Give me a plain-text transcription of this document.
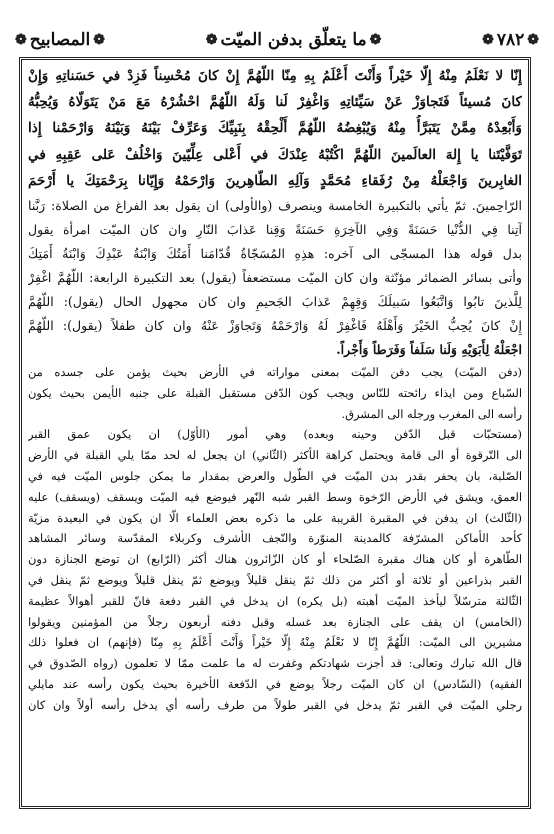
❁
٧٨٢
❁
❁
ما يتعلّق بدفن الميّت
❁
❁
المصابيح
❁

إِنّا لا نَعْلَمُ مِنْهُ إِلّا خَيْراً وَأَنْتَ أَعْلَمُ بِهِ مِنّا اللّهُمَّ إِنْ كانَ مُحْسِناً فَزِدْ في حَسَناتِهِ وَإِنْ

كانَ مُسيئاً فَتَجاوَزْ عَنْ سَيِّئاتِهِ وَاغْفِرْ لَنا وَلَهُ اللّهُمَّ احْشُرْهُ مَعَ مَنْ يَتَوَلّاهُ وَيُحِبُّهُ

وَأَبْعِدْهُ مِمَّنْ يَتَبَرَّأُ مِنْهُ وَيُبْغِضُهُ اللّهُمَّ أَلْحِقْهُ بِنَبِيِّكَ وَعَرِّفْ بَيْنَهُ وَبَيْنَهُ وَارْحَمْنا إِذا

تَوَفَّيْتَنا يا إِلهَ العالَمينَ اللّهُمَّ اكْتُبْهُ عِنْدَكَ في أَعْلى عِلِّيّينَ وَاخْلُفْ عَلى عَقِبِهِ في

الغابِرينَ وَاجْعَلْهُ مِنْ رُفَقاءِ مُحَمَّدٍ وَآلِهِ الطّاهِرينَ وَارْحَمْهُ وَإِيّانا بِرَحْمَتِكَ يا أَرْحَمَ

الرّاحِمينَ. ثمّ يأتي بالتكبيرة الخامسة وينصرف (والأولى) ان يقول بعد الفراغ من الصلاة: رَبَّنا

آتِنا فِي الدُّنْيا حَسَنَةً وَفِي الآخِرَةِ حَسَنَةً وَقِنا عَذابَ النّارِ وان كان الميّت امرأة يقول

بدل قوله هذا المسجّى الى آخره: هذِهِ المُسَجّاةُ قُدّامَنا أَمَتُكَ وَابْنَةُ عَبْدِكَ وَابْنَةُ أَمَتِكَ

وأتى بسائر الضمائر مؤنّثة وان كان الميّت مستضعفاً (يقول) بعد التكبيرة الرابعة: اللّهُمَّ اغْفِرْ

لِلَّذينَ تابُوا وَاتَّبَعُوا سَبيلَكَ وَقِهِمْ عَذابَ الجَحيمِ وان كان مجهول الحال (يقول): اللّهُمَّ

إِنْ كانَ يُحِبُّ الخَيْرَ وَأَهْلَهُ فَاغْفِرْ لَهُ وَارْحَمْهُ وَتَجاوَزْ عَنْهُ وان كان طفلاً (يقول): اللّهُمَّ

اجْعَلْهُ لِأَبَوَيْهِ وَلَنا سَلَفاً وَفَرَطاً وَأَجْراً.

(دفن الميّت) يجب دفن الميّت بمعنى مواراته في الأرض بحيث يؤمن على جسده من

السّباع ومن ايذاء رائحته للنّاس ويجب كون الدّفن مستقبل القبلة على جنبه الأيمن بحيث يكون

رأسه الى المغرب ورجله الى المشرق.

(مستحبّات قبل الدّفن وحينه وبعده) وهي أمور (الأوّل) ان يكون عمق القبر

الى التّرقوة أو الى قامة ويحتمل كراهة الأكثر (الثّاني) ان يجعل له لحد ممّا يلي القبلة في الأرض

الصّلبة، بان يحفر بقدر بدن الميّت في الطّول والعرض بمقدار ما يمكن جلوس الميّت فيه في

العمق، ويشق في الأرض الرّخوة وسط القبر شبه النّهر فيوضع فيه الميّت ويسقف (ويسقف) عليه

(الثّالث) ان يدفن في المقبرة القريبة على ما ذكره بعض العلماء الّا ان يكون في البعيدة مزيّة

كأحد الأماكن المشرّفة كالمدينة المنوّرة والنّجف الأشرف وكربلاء المقدّسة وسائر المشاهد

الطّاهرة أو كان هناك مقبرة الصّلحاء أو كان الزّائرون هناك أكثر (الرّابع) ان توضع الجنازة دون

القبر بذراعين أو ثلاثة أو أكثر من ذلك ثمّ ينقل قليلاً ويوضع ثمّ ينقل قليلاً ويوضع ثمّ ينقل في

الثّالثة مترسّلاً ليأخذ الميّت أهبته (بل يكره) ان يدخل في القبر دفعة فانّ للقبر أهوالاً عظيمة

(الخامس) ان يقف على الجنازة بعد غسله وقبل دفنه أربعون رجلاً من المؤمنين ويقولوا

مشيرين الى الميّت: اللّهُمَّ إِنّا لا نَعْلَمُ مِنْهُ إِلّا خَيْراً وَأَنْتَ أَعْلَمُ بِهِ مِنّا (فإنهم) ان فعلوا ذلك

قال الله تبارك وتعالى: قد أجزت شهادتكم وغفرت له ما علمت ممّا لا تعلمون (رواه الصّدوق في

الفقيه) (السّادس) ان كان الميّت رجلاً يوضع في الدّفعة الأخيرة بحيث يكون رأسه عند مايلي

رجلي الميّت في القبر ثمّ يدخل في القبر طولاً من طرف رأسه أي يدخل رأسه أولاً وان كان
